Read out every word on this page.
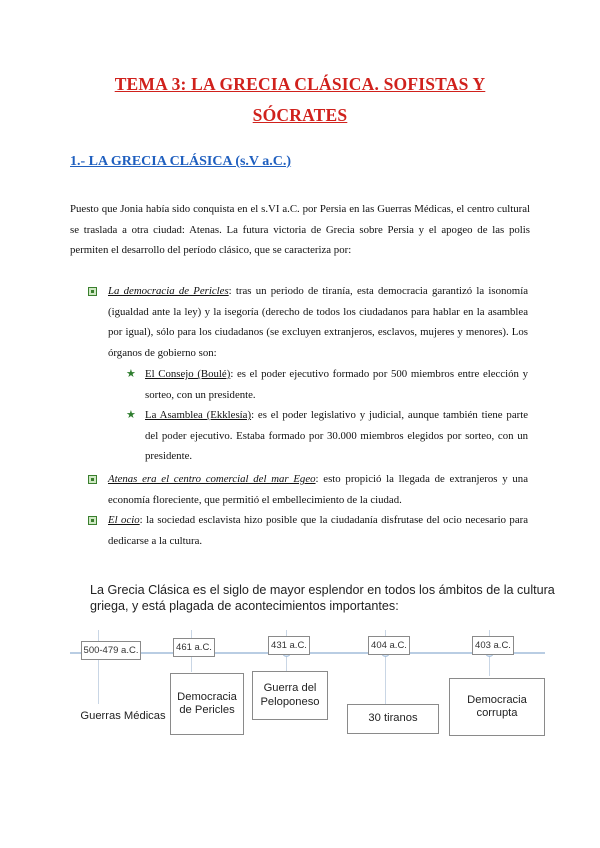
TEMA 3: LA GRECIA CLÁSICA. SOFISTAS Y
SÓCRATES
1.- LA GRECIA CLÁSICA (s.V a.C.)
Puesto que Jonia había sido conquista en el s.VI a.C. por Persia en las Guerras Médicas, el centro cultural se traslada a otra ciudad: Atenas. La futura victoria de Grecia sobre Persia y el apogeo de las polis permiten el desarrollo del período clásico, que se caracteriza por:
La democracia de Pericles: tras un periodo de tiranía, esta democracia garantizó la isonomía (igualdad ante la ley) y la isegoría (derecho de todos los ciudadanos para hablar en la asamblea por igual), sólo para los ciudadanos (se excluyen extranjeros, esclavos, mujeres y menores). Los órganos de gobierno son:
★ El Consejo (Boulé): es el poder ejecutivo formado por 500 miembros entre elección y sorteo, con un presidente.
★ La Asamblea (Ekklesía): es el poder legislativo y judicial, aunque también tiene parte del poder ejecutivo. Estaba formado por 30.000 miembros elegidos por sorteo, con un presidente.
Atenas era el centro comercial del mar Egeo: esto propició la llegada de extranjeros y una economía floreciente, que permitió el embellecimiento de la ciudad.
El ocio: la sociedad esclavista hizo posible que la ciudadanía disfrutase del ocio necesario para dedicarse a la cultura.
La Grecia Clásica es el siglo de mayor esplendor en todos los ámbitos de la cultura griega, y está plagada de acontecimientos importantes:
500-479 a.C.	461 a.C.	431 a.C.	404 a.C.	403 a.C.
Guerras Médicas
Democracia de Pericles
Guerra del Peloponeso
30 tiranos
Democracia corrupta
